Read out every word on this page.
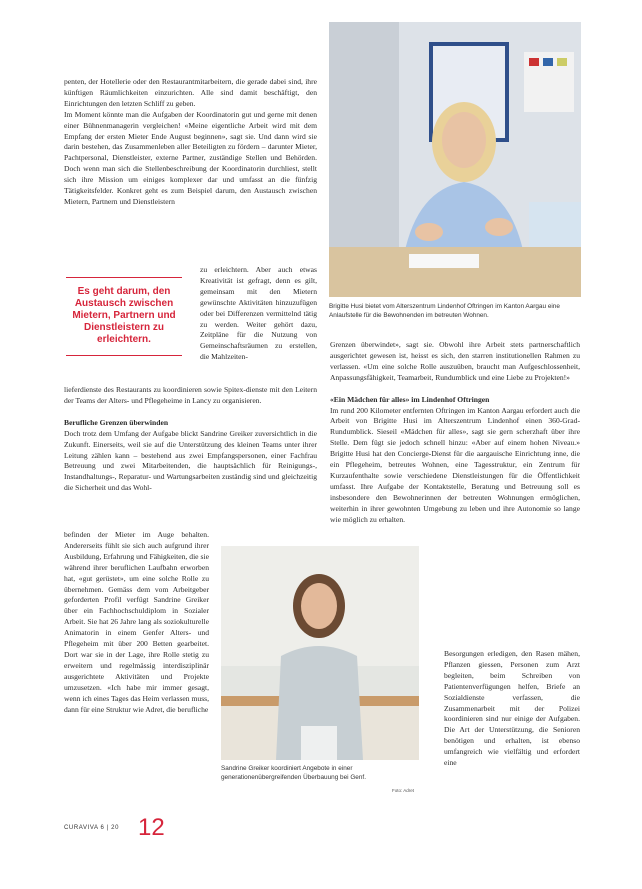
penten, der Hotellerie oder den Restaurantmitarbeitern, die gerade dabei sind, ihre künftigen Räumlichkeiten einzurichten. Alle sind damit beschäftigt, den Einrichtungen den letzten Schliff zu geben.

Im Moment könnte man die Aufgaben der Koordinatorin gut und gerne mit denen einer Bühnenmanagerin vergleichen! «Meine eigentliche Arbeit wird mit dem Empfang der ersten Mieter Ende August beginnen», sagt sie. Und dann wird sie darin bestehen, das Zusammenleben aller Beteiligten zu fördern – darunter Mieter, Pachtpersonal, Dienstleister, externe Partner, zuständige Stellen und Behörden. Doch wenn man sich die Stellenbeschreibung der Koordinatorin durchliest, stellt sich ihre Mission um einiges komplexer dar und umfasst an die fünfzig Tätigkeitsfelder. Konkret geht es zum Beispiel darum, den Austausch zwischen Mietern, Partnern und Dienstleistern

Es geht darum, den Austausch zwischen Mietern, Partnern und Dienstleistern zu erleichtern.

zu erleichtern. Aber auch etwas Kreativität ist gefragt, denn es gilt, gemeinsam mit den Mietern gewünschte Aktivitäten hinzuzufügen oder bei Differenzen vermittelnd tätig zu werden. Weiter gehört dazu, Zeitpläne für die Nutzung von Gemeinschaftsräumen zu erstellen, die Mahlzeiten-

lieferdienste des Restaurants zu koordinieren sowie Spitex-dienste mit den Leitern der Teams der Alters- und Pflegeheime in Lancy zu organisieren.

Berufliche Grenzen überwinden

Doch trotz dem Umfang der Aufgabe blickt Sandrine Greiker zuversichtlich in die Zukunft. Einerseits, weil sie auf die Unterstützung des kleinen Teams unter ihrer Leitung zählen kann – bestehend aus zwei Empfangspersonen, einer Fachfrau Betreuung und zwei Mitarbeitenden, die hauptsächlich für Reinigungs-, Instandhaltungs-, Reparatur- und Wartungsarbeiten zuständig sind und gleichzeitig die Sicherheit und das Wohl-

befinden der Mieter im Auge behalten. Andererseits fühlt sie sich auch aufgrund ihrer Ausbildung, Erfahrung und Fähigkeiten, die sie während ihrer beruflichen Laufbahn erworben hat, «gut gerüstet», um eine solche Rolle zu übernehmen. Gemäss dem vom Arbeitgeber geforderten Profil verfügt Sandrine Greiker über ein Fachhochschuldiplom in Sozialer Arbeit. Sie hat 26 Jahre lang als soziokulturelle Animatorin in einem Genfer Alters- und Pflegeheim mit über 200 Betten gearbeitet. Dort war sie in der Lage, ihre Rolle stetig zu erweitern und regelmässig interdisziplinär ausgerichtete Aktivitäten und Projekte umzusetzen. «Ich habe mir immer gesagt, wenn ich eines Tages das Heim verlassen muss, dann für eine Struktur wie Adret, die berufliche

Brigitte Husi bietet vom Alterszentrum Lindenhof Oftringen im Kanton Aargau eine Anlaufstelle für die Bewohnenden im betreuten Wohnen.

Grenzen überwindet», sagt sie. Obwohl ihre Arbeit stets partnerschaftlich ausgerichtet gewesen ist, heisst es sich, den starren institutionellen Rahmen zu verlassen. «Um eine solche Rolle auszuüben, braucht man Aufgeschlossenheit, Anpassungsfähigkeit, Teamarbeit, Rundumblick und eine Liebe zu Projekten!»

«Ein Mädchen für alles» im Lindenhof Oftringen

Im rund 200 Kilometer entfernten Oftringen im Kanton Aargau erfordert auch die Arbeit von Brigitte Husi im Alterszentrum Lindenhof einen 360-Grad-Rundumblick. Sieseil «Mädchen für alles», sagt sie gern scherzhaft über ihre Stelle. Dem fügt sie jedoch schnell hinzu: «Aber auf einem hohen Niveau.» Brigitte Husi hat den Concierge-Dienst für die aargauische Einrichtung inne, die ein Pflegeheim, betreutes Wohnen, eine Tagesstruktur, ein Zentrum für Kurzaufenthalte sowie verschiedene Dienstleistungen für die Öffentlichkeit umfasst. Ihre Aufgabe der Kontaktstelle, Beratung und Betreuung soll es insbesondere den Bewohnerinnen der betreuten Wohnungen ermöglichen, weiterhin in ihrer gewohnten Umgebung zu leben und ihre Autonomie so lange wie möglich zu erhalten.

Besorgungen erledigen, den Rasen mähen, Pflanzen giessen, Personen zum Arzt begleiten, beim Schreiben von Patientenverfügungen helfen, Briefe an Sozialdienste verfassen, die Zusammenarbeit mit der Polizei koordinieren sind nur einige der Aufgaben. Die Art der Unterstützung, die Senioren benötigen und erhalten, ist ebenso umfangreich wie vielfältig und erfordert eine

Sandrine Greiker koordiniert Angebote in einer generationenübergreifenden Überbauung bei Genf.
Foto: Adret
CURAVIVA 6 | 20 12
